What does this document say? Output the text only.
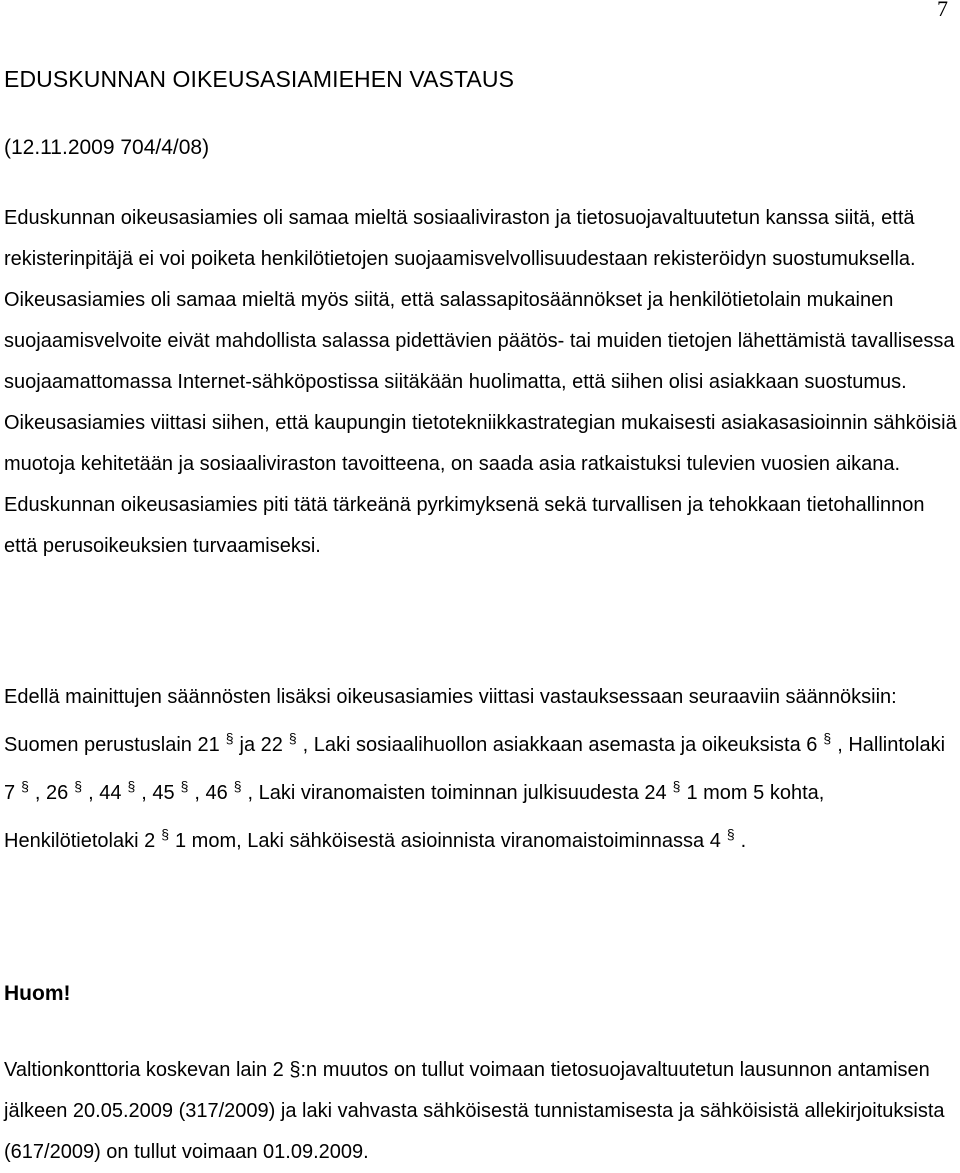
7
EDUSKUNNAN OIKEUSASIAMIEHEN VASTAUS
(12.11.2009 704/4/08)

Eduskunnan oikeusasiamies oli samaa mieltä sosiaaliviraston ja tietosuojavaltuutetun kanssa siitä, että rekisterinpitäjä ei voi poiketa henkilötietojen suojaamisvelvollisuudestaan rekisteröidyn suostumuksella. Oikeusasiamies oli samaa mieltä myös siitä, että salassapitosäännökset ja henkilötietolain mukainen suojaamisvelvoite eivät mahdollista salassa pidettävien päätös- tai muiden tietojen lähettämistä tavallisessa suojaamattomassa Internet-sähköpostissa siitäkään huolimatta, että siihen olisi asiakkaan suostumus. Oikeusasiamies viittasi siihen, että kaupungin tietotekniikkastrategian mukaisesti asiakasasioinnin sähköisiä muotoja kehitetään ja sosiaaliviraston tavoitteena, on saada asia ratkaistuksi tulevien vuosien aikana. Eduskunnan oikeusasiamies piti tätä tärkeänä pyrkimyksenä sekä turvallisen ja tehokkaan tietohallinnon että perusoikeuksien turvaamiseksi.

Edellä mainittujen säännösten lisäksi oikeusasiamies viittasi vastauksessaan seuraaviin säännöksiin: Suomen perustuslain 21 § ja 22 § , Laki sosiaalihuollon asiakkaan asemasta ja oikeuksista 6 § , Hallintolaki 7 § , 26 § , 44 § , 45 § , 46 § , Laki viranomaisten toiminnan julkisuudesta 24 § 1 mom 5 kohta, Henkilötietolaki 2 § 1 mom, Laki sähköisestä asioinnista viranomaistoiminnassa 4 § .

Huom!

Valtionkonttoria koskevan lain 2 §:n muutos on tullut voimaan tietosuojavaltuutetun lausunnon antamisen jälkeen 20.05.2009 (317/2009) ja laki vahvasta sähköisestä tunnistamisesta ja sähköisistä allekirjoituksista (617/2009) on tullut voimaan 01.09.2009.
